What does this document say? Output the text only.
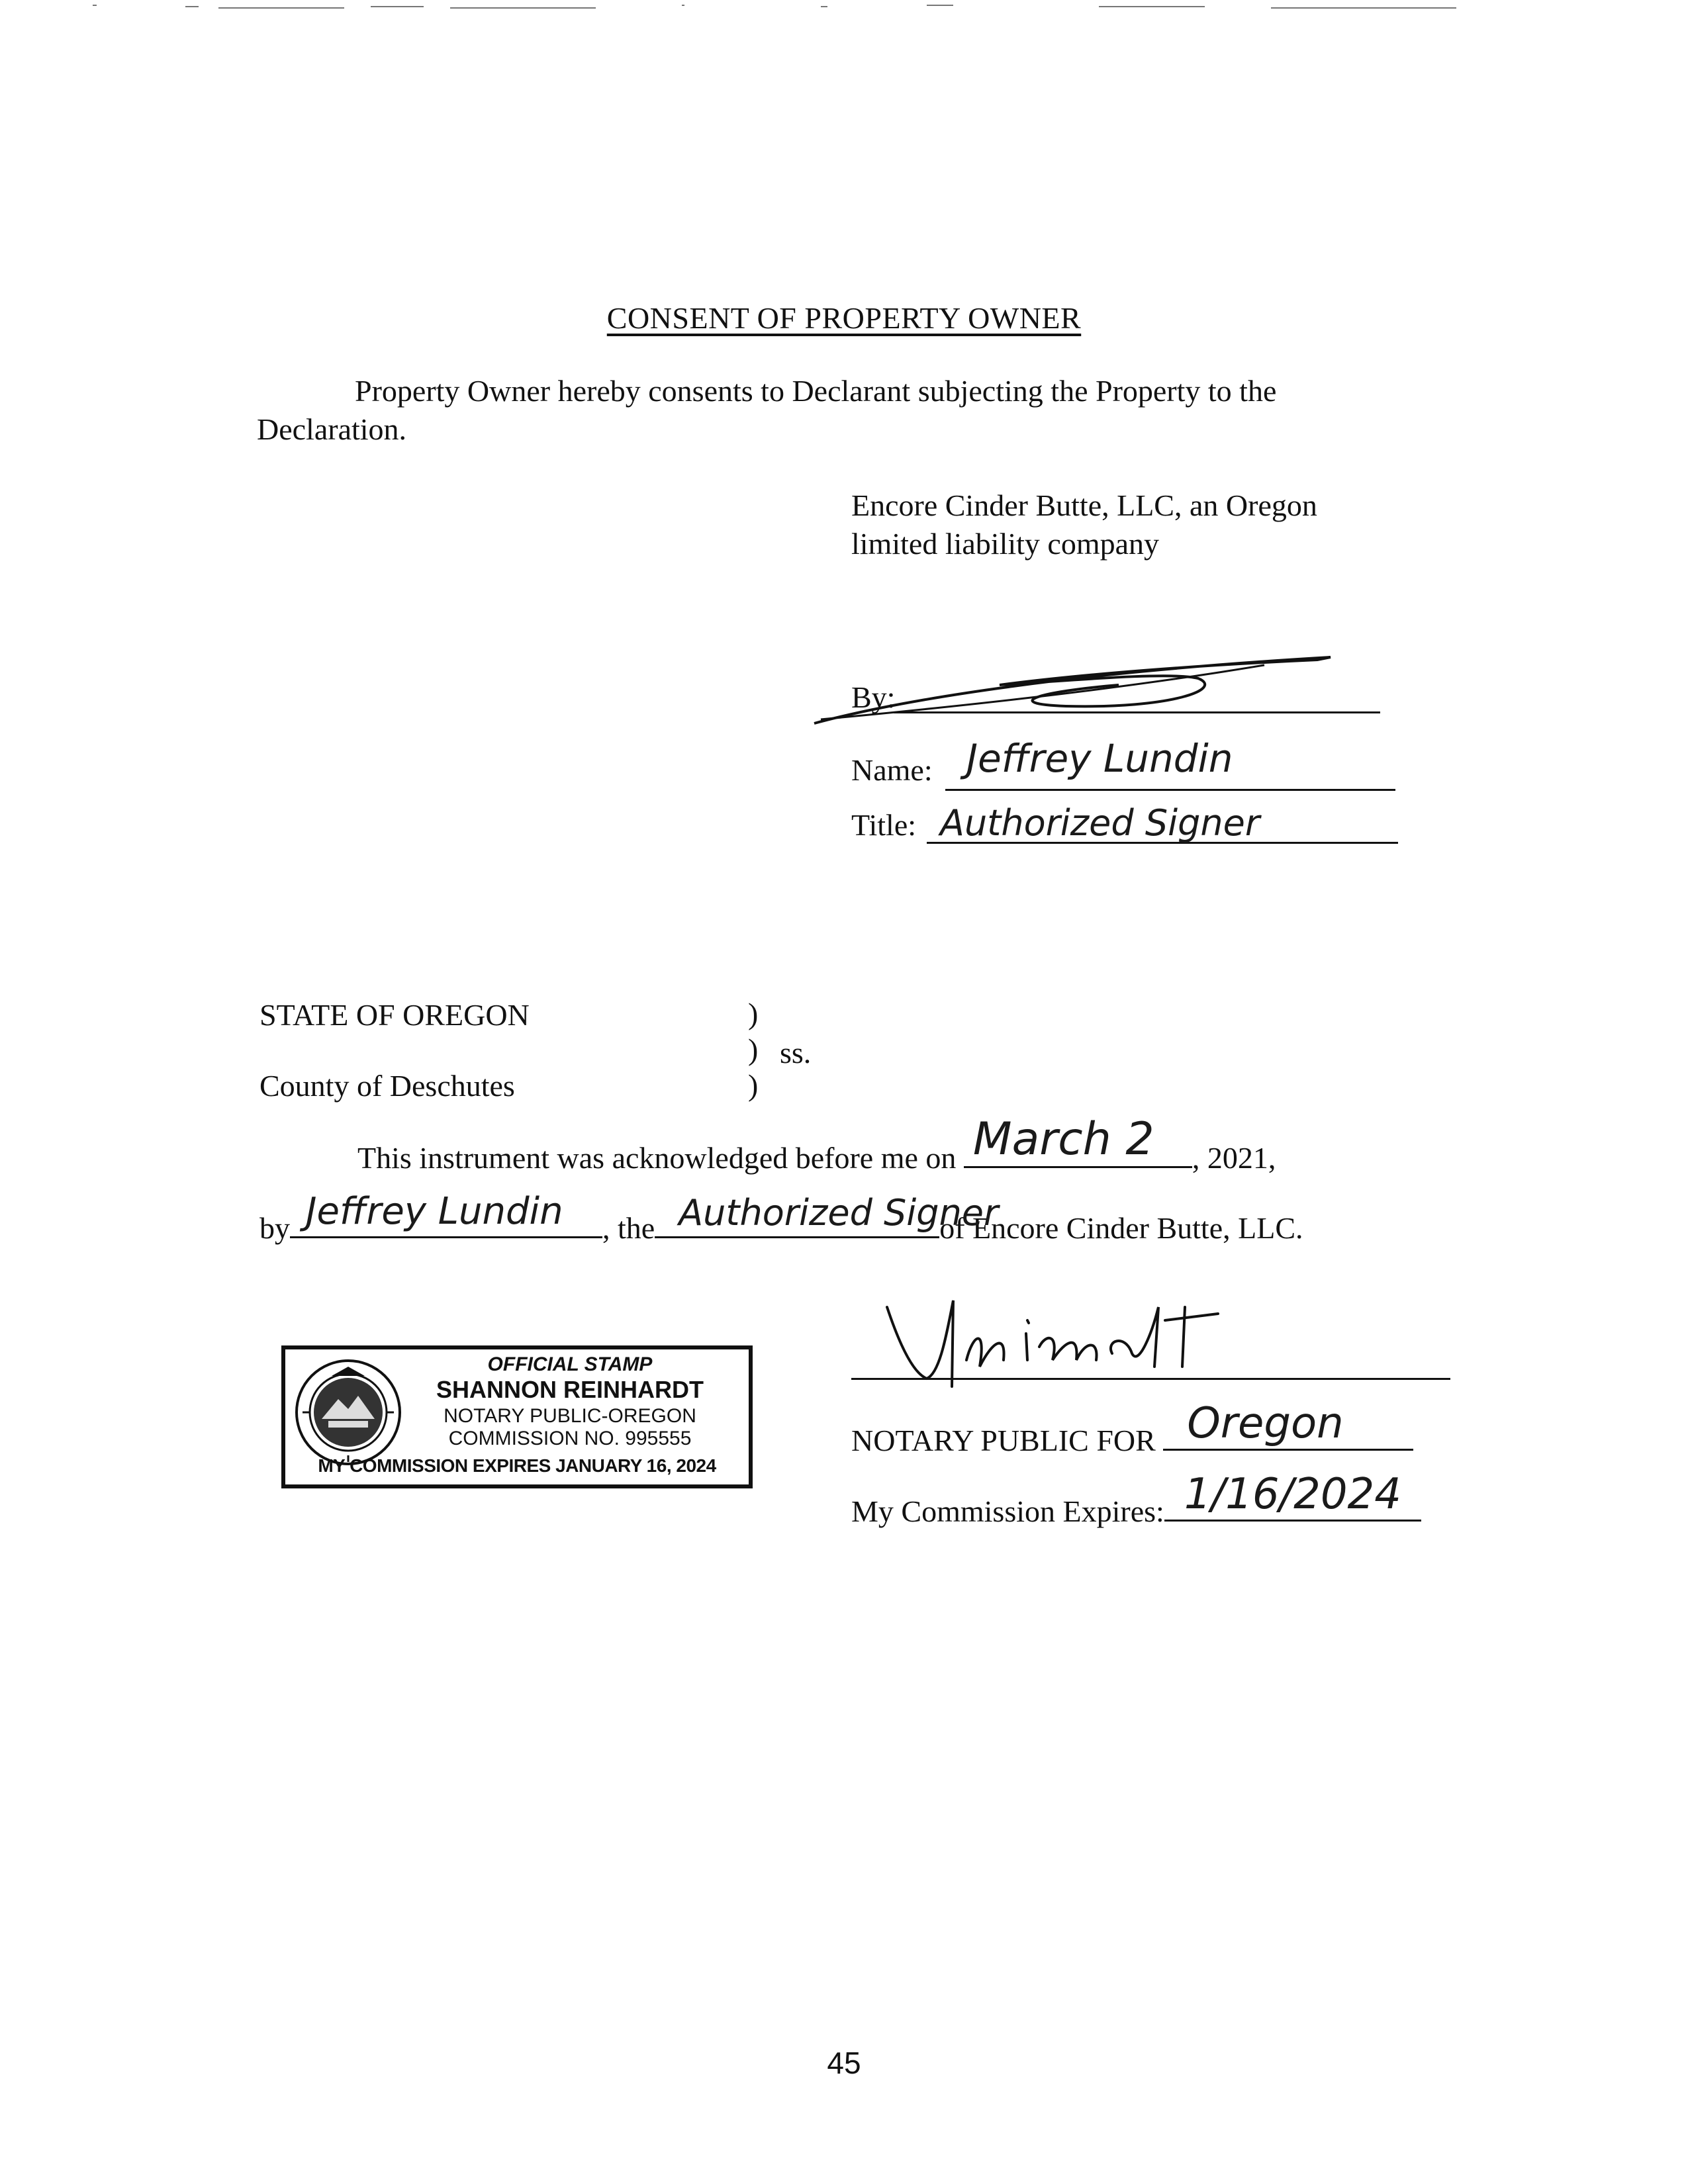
CONSENT OF PROPERTY OWNER
Property Owner hereby consents to Declarant subjecting the Property to the Declaration.
Encore Cinder Butte, LLC, an Oregon limited liability company
By:
Name: Jeffrey Lundin
Title: Authorized Signer
STATE OF OREGON	)
)
)
ss.
County of Deschutes
This instrument was acknowledged before me on March 2 , 2021,
by Jeffrey Lundin , the Authorized Signer
of Encore Cinder Butte, LLC.
OFFICIAL STAMP
SHANNON REINHARDT
NOTARY PUBLIC-OREGON
COMMISSION NO. 995555
MY COMMISSION EXPIRES JANUARY 16, 2024
NOTARY PUBLIC FOR Oregon
My Commission Expires: 1/16/2024
45
